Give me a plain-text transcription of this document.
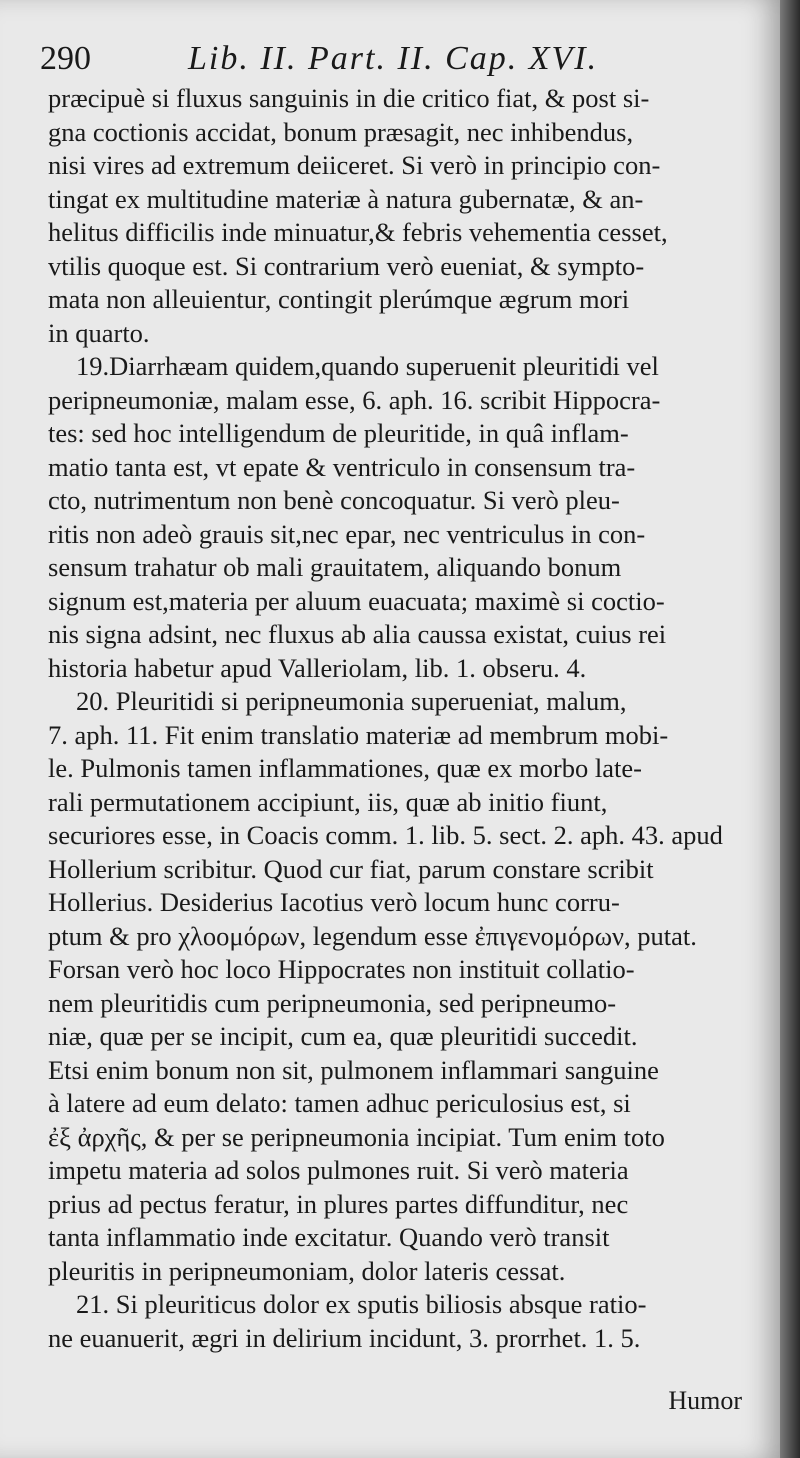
290	Lib. II. Part. II. Cap. XVI.
præcipuè si fluxus sanguinis in die critico fiat, & post si-
gna coctionis accidat, bonum præsagit, nec inhibendus,
nisi vires ad extremum deiiceret. Si verò in principio con-
tingat ex multitudine materiæ à natura gubernatæ, & an-
helitus difficilis inde minuatur,& febris vehementia cesset,
vtilis quoque est. Si contrarium verò eueniat, & sympto-
mata non alleuientur, contingit plerúmque ægrum mori
in quarto.
19.Diarrhæam quidem,quando superuenit pleuritidi vel
peripneumoniæ, malam esse, 6. aph. 16. scribit Hippocra-
tes: sed hoc intelligendum de pleuritide, in quâ inflam-
matio tanta est, vt epate & ventriculo in consensum tra-
cto, nutrimentum non benè concoquatur. Si verò pleu-
ritis non adeò grauis sit,nec epar, nec ventriculus in con-
sensum trahatur ob mali grauitatem, aliquando bonum
signum est,materia per aluum euacuata; maximè si coctio-
nis signa adsint, nec fluxus ab alia caussa existat, cuius rei
historia habetur apud Valleriolam, lib. 1. obseru. 4.
20. Pleuritidi si peripneumonia superueniat, malum,
7. aph. 11. Fit enim translatio materiæ ad membrum mobi-
le. Pulmonis tamen inflammationes, quæ ex morbo late-
rali permutationem accipiunt, iis, quæ ab initio fiunt,
securiores esse, in Coacis comm. 1. lib. 5. sect. 2. aph. 43. apud
Hollerium scribitur. Quod cur fiat, parum constare scribit
Hollerius. Desiderius Iacotius verò locum hunc corru-
ptum & pro χλοομόρων, legendum esse ἐπιγενομόρων, putat.
Forsan verò hoc loco Hippocrates non instituit collatio-
nem pleuritidis cum peripneumonia, sed peripneumo-
niæ, quæ per se incipit, cum ea, quæ pleuritidi succedit.
Etsi enim bonum non sit, pulmonem inflammari sanguine
à latere ad eum delato: tamen adhuc periculosius est, si
ἐξ ἀρχῆς, & per se peripneumonia incipiat. Tum enim toto
impetu materia ad solos pulmones ruit. Si verò materia
prius ad pectus feratur, in plures partes diffunditur, nec
tanta inflammatio inde excitatur. Quando verò transit
pleuritis in peripneumoniam, dolor lateris cessat.
21. Si pleuriticus dolor ex sputis biliosis absque ratio-
ne euanuerit, ægri in delirium incidunt, 3. prorrhet. 1. 5.
Humor
